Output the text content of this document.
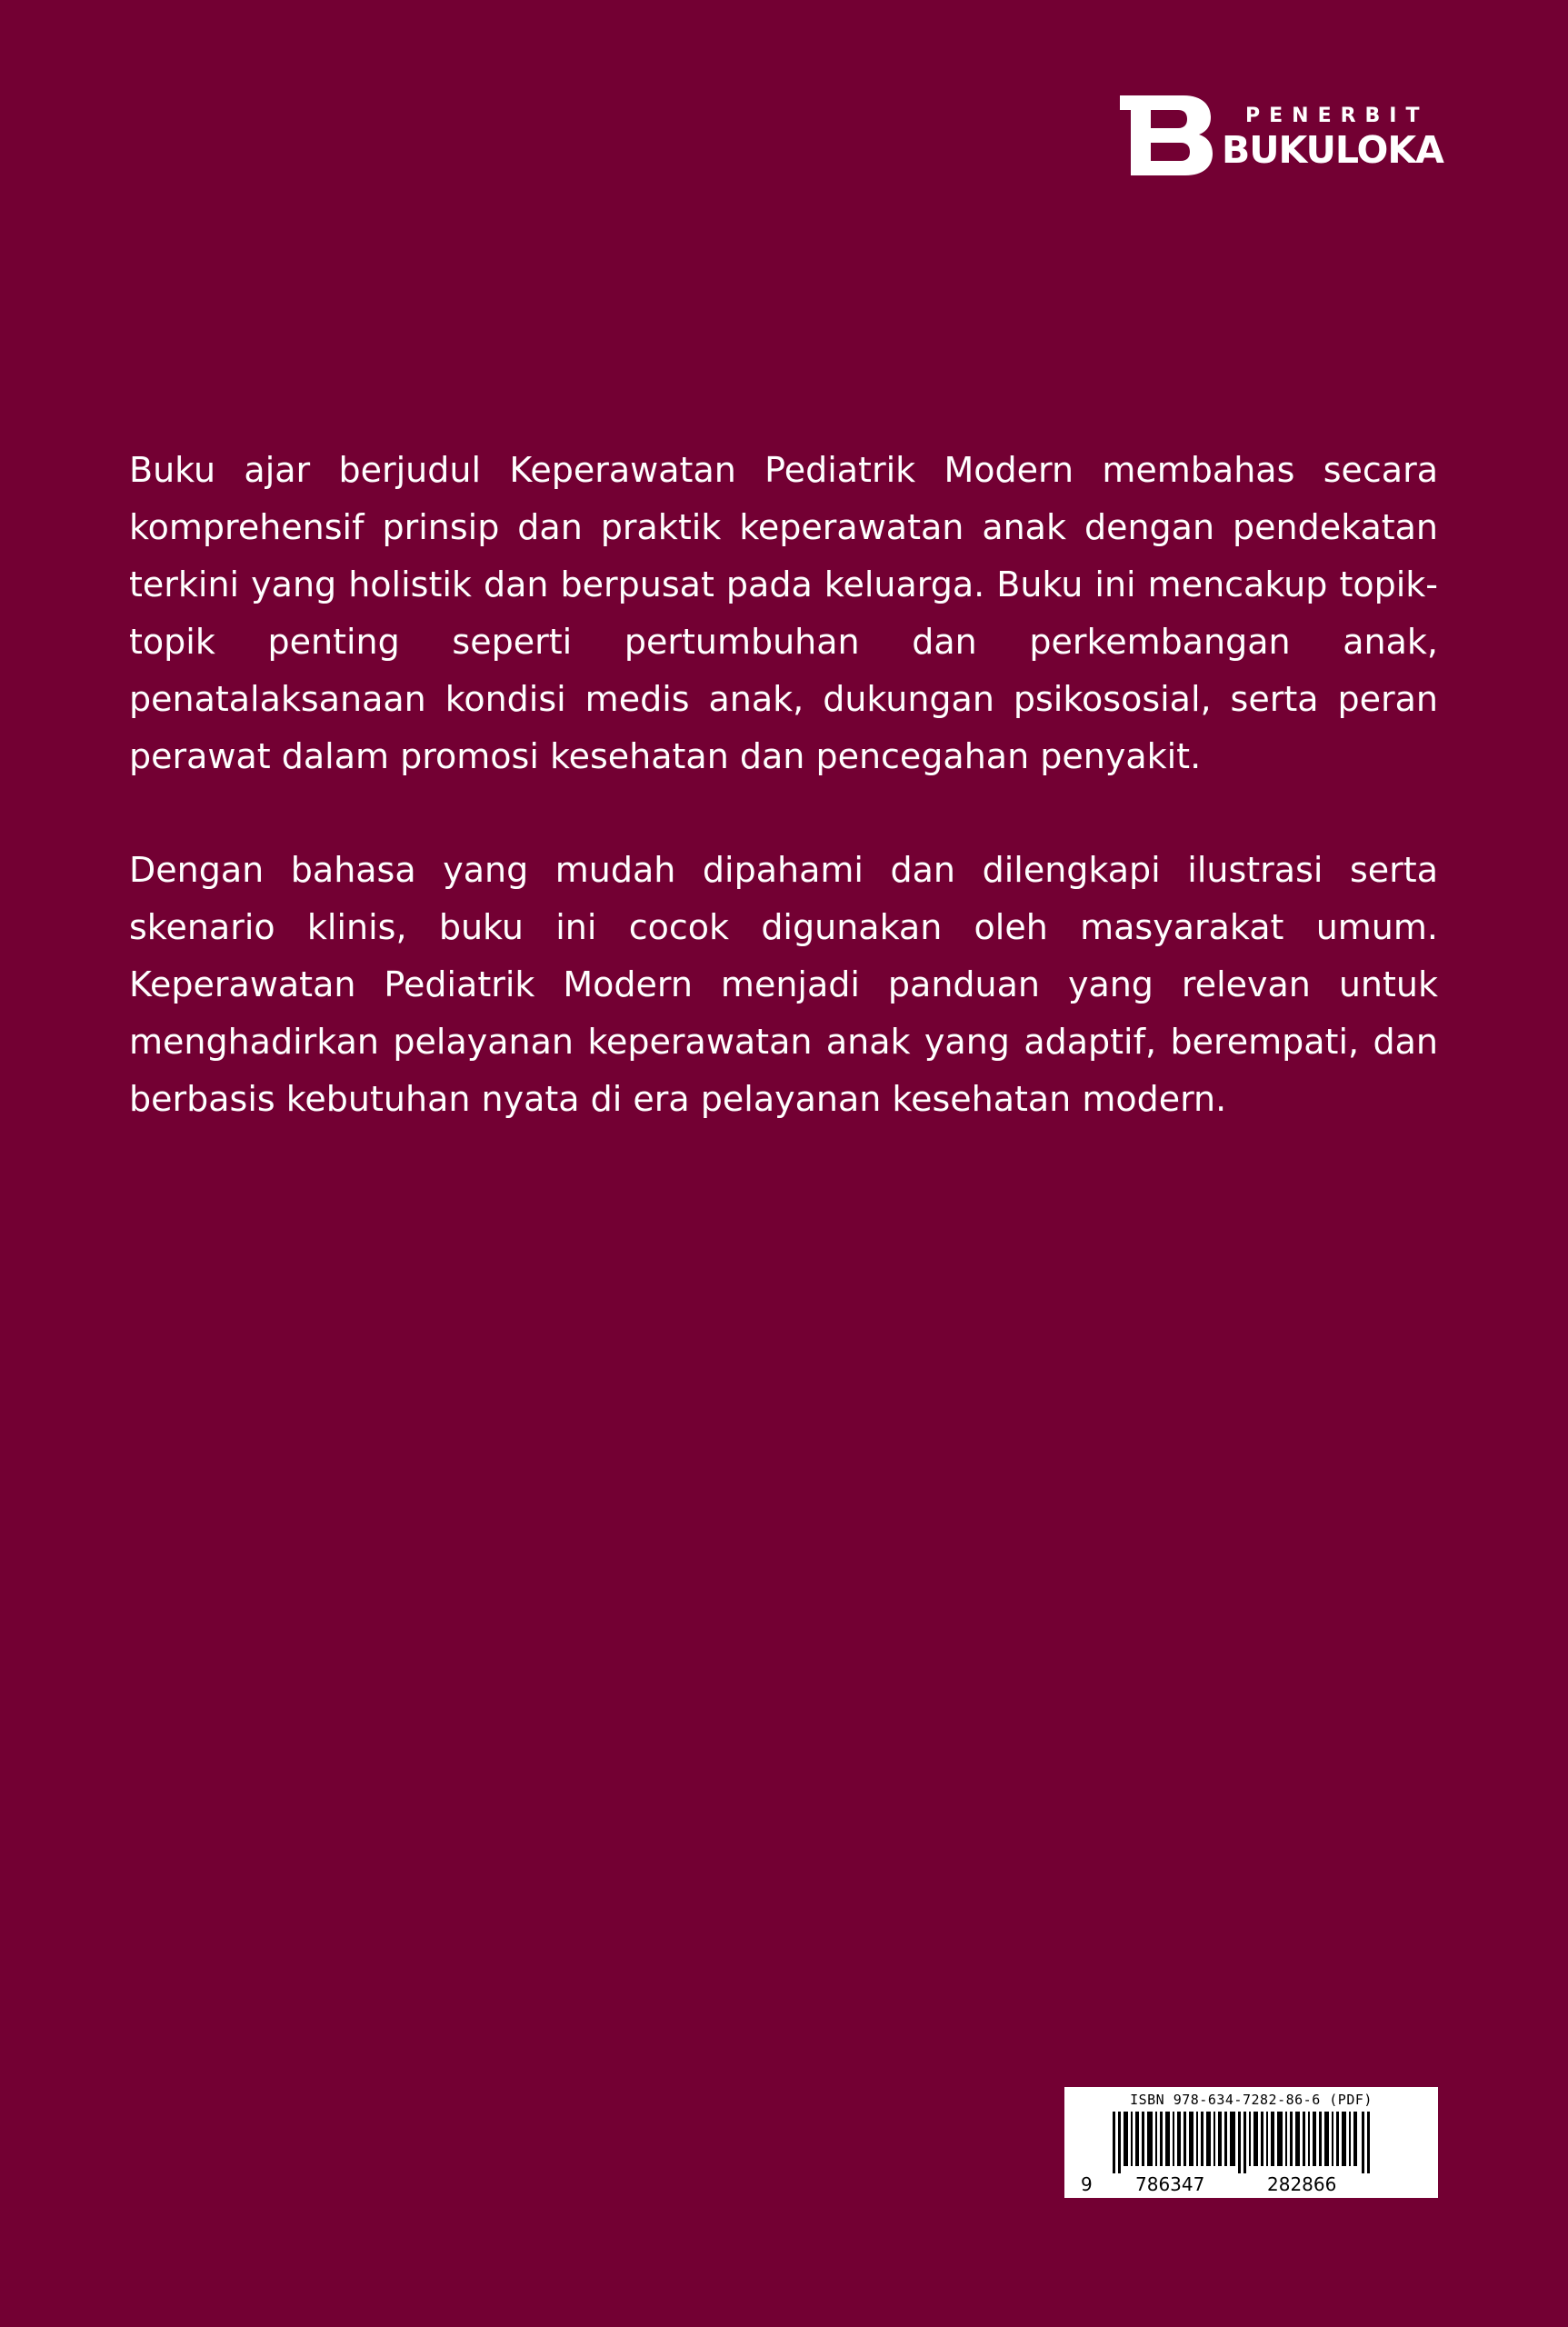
PENERBIT
BUKULOKA

Buku ajar berjudul Keperawatan Pediatrik Modern membahas secara komprehensif prinsip dan praktik keperawatan anak dengan pendekatan terkini yang holistik dan berpusat pada keluarga. Buku ini mencakup topik-topik penting seperti pertumbuhan dan perkembangan anak, penatalaksanaan kondisi medis anak, dukungan psikososial, serta peran perawat dalam promosi kesehatan dan pencegahan penyakit.

Dengan bahasa yang mudah dipahami dan dilengkapi ilustrasi serta skenario klinis, buku ini cocok digunakan oleh masyarakat umum. Keperawatan Pediatrik Modern menjadi panduan yang relevan untuk menghadirkan pelayanan keperawatan anak yang adaptif, berempati, dan berbasis kebutuhan nyata di era pelayanan kesehatan modern.

ISBN 978-634-7282-86-6 (PDF)
9 786347	282866
